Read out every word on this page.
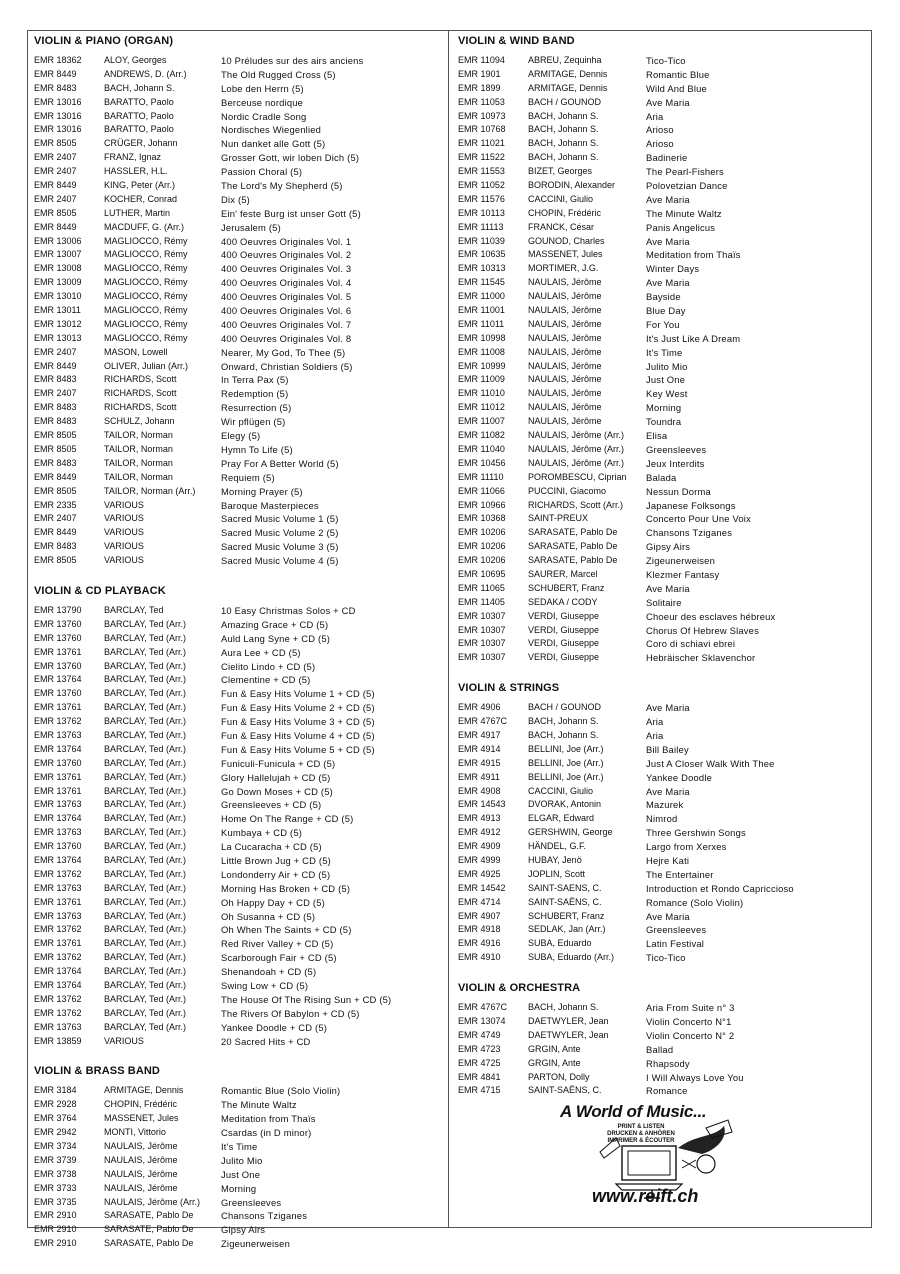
VIOLIN & PIANO (ORGAN)
EMR 18362	ALOY, Georges	10 Préludes sur des airs anciens
EMR 8449	ANDREWS, D. (Arr.)	The Old Rugged Cross (5)
EMR 8483	BACH, Johann S.	Lobe den Herrn (5)
EMR 13016	BARATTO, Paolo	Berceuse nordique
EMR 13016	BARATTO, Paolo	Nordic Cradle Song
EMR 13016	BARATTO, Paolo	Nordisches Wiegenlied
EMR 8505	CRÜGER, Johann	Nun danket alle Gott (5)
EMR 2407	FRANZ, Ignaz	Grosser Gott, wir loben Dich (5)
EMR 2407	HASSLER, H.L.	Passion Choral (5)
EMR 8449	KING, Peter (Arr.)	The Lord's My Shepherd (5)
EMR 2407	KOCHER, Conrad	Dix (5)
EMR 8505	LUTHER, Martin	Ein' feste Burg ist unser Gott (5)
EMR 8449	MACDUFF, G. (Arr.)	Jerusalem (5)
EMR 13006	MAGLIOCCO, Rémy	400 Oeuvres Originales Vol. 1
EMR 13007	MAGLIOCCO, Rémy	400 Oeuvres Originales Vol. 2
EMR 13008	MAGLIOCCO, Rémy	400 Oeuvres Originales Vol. 3
EMR 13009	MAGLIOCCO, Rémy	400 Oeuvres Originales Vol. 4
EMR 13010	MAGLIOCCO, Rémy	400 Oeuvres Originales Vol. 5
EMR 13011	MAGLIOCCO, Rémy	400 Oeuvres Originales Vol. 6
EMR 13012	MAGLIOCCO, Rémy	400 Oeuvres Originales Vol. 7
EMR 13013	MAGLIOCCO, Rémy	400 Oeuvres Originales Vol. 8
EMR 2407	MASON, Lowell	Nearer, My God, To Thee (5)
EMR 8449	OLIVER, Julian (Arr.)	Onward, Christian Soldiers (5)
EMR 8483	RICHARDS, Scott	In Terra Pax (5)
EMR 2407	RICHARDS, Scott	Redemption (5)
EMR 8483	RICHARDS, Scott	Resurrection (5)
EMR 8483	SCHULZ, Johann	Wir pflügen (5)
EMR 8505	TAILOR, Norman	Elegy (5)
EMR 8505	TAILOR, Norman	Hymn To Life (5)
EMR 8483	TAILOR, Norman	Pray For A Better World (5)
EMR 8449	TAILOR, Norman	Requiem (5)
EMR 8505	TAILOR, Norman (Arr.)	Morning Prayer (5)
EMR 2335	VARIOUS	Baroque Masterpieces
EMR 2407	VARIOUS	Sacred Music Volume 1 (5)
EMR 8449	VARIOUS	Sacred Music Volume 2 (5)
EMR 8483	VARIOUS	Sacred Music Volume 3 (5)
EMR 8505	VARIOUS	Sacred Music Volume 4 (5)
VIOLIN & CD PLAYBACK
EMR 13790	BARCLAY, Ted	10 Easy Christmas Solos + CD
EMR 13760	BARCLAY, Ted (Arr.)	Amazing Grace + CD (5)
EMR 13760	BARCLAY, Ted (Arr.)	Auld Lang Syne + CD (5)
EMR 13761	BARCLAY, Ted (Arr.)	Aura Lee + CD (5)
EMR 13760	BARCLAY, Ted (Arr.)	Cielito Lindo + CD (5)
EMR 13764	BARCLAY, Ted (Arr.)	Clementine + CD (5)
EMR 13760	BARCLAY, Ted (Arr.)	Fun & Easy Hits Volume 1 + CD (5)
EMR 13761	BARCLAY, Ted (Arr.)	Fun & Easy Hits Volume 2 + CD (5)
EMR 13762	BARCLAY, Ted (Arr.)	Fun & Easy Hits Volume 3 + CD (5)
EMR 13763	BARCLAY, Ted (Arr.)	Fun & Easy Hits Volume 4 + CD (5)
EMR 13764	BARCLAY, Ted (Arr.)	Fun & Easy Hits Volume 5 + CD (5)
EMR 13760	BARCLAY, Ted (Arr.)	Funiculi-Funicula + CD (5)
EMR 13761	BARCLAY, Ted (Arr.)	Glory Hallelujah + CD (5)
EMR 13761	BARCLAY, Ted (Arr.)	Go Down Moses + CD (5)
EMR 13763	BARCLAY, Ted (Arr.)	Greensleeves + CD (5)
EMR 13764	BARCLAY, Ted (Arr.)	Home On The Range + CD (5)
EMR 13763	BARCLAY, Ted (Arr.)	Kumbaya + CD (5)
EMR 13760	BARCLAY, Ted (Arr.)	La Cucaracha + CD (5)
EMR 13764	BARCLAY, Ted (Arr.)	Little Brown Jug + CD (5)
EMR 13762	BARCLAY, Ted (Arr.)	Londonderry Air + CD (5)
EMR 13763	BARCLAY, Ted (Arr.)	Morning Has Broken + CD (5)
EMR 13761	BARCLAY, Ted (Arr.)	Oh Happy Day + CD (5)
EMR 13763	BARCLAY, Ted (Arr.)	Oh Susanna + CD (5)
EMR 13762	BARCLAY, Ted (Arr.)	Oh When The Saints + CD (5)
EMR 13761	BARCLAY, Ted (Arr.)	Red River Valley + CD (5)
EMR 13762	BARCLAY, Ted (Arr.)	Scarborough Fair + CD (5)
EMR 13764	BARCLAY, Ted (Arr.)	Shenandoah + CD (5)
EMR 13764	BARCLAY, Ted (Arr.)	Swing Low + CD (5)
EMR 13762	BARCLAY, Ted (Arr.)	The House Of The Rising Sun + CD (5)
EMR 13762	BARCLAY, Ted (Arr.)	The Rivers Of Babylon + CD (5)
EMR 13763	BARCLAY, Ted (Arr.)	Yankee Doodle + CD (5)
EMR 13859	VARIOUS	20 Sacred Hits + CD
VIOLIN & BRASS BAND
EMR 3184	ARMITAGE, Dennis	Romantic Blue (Solo Violin)
EMR 2928	CHOPIN, Frédéric	The Minute Waltz
EMR 3764	MASSENET, Jules	Meditation from Thaïs
EMR 2942	MONTI, Vittorio	Csardas (in D minor)
EMR 3734	NAULAIS, Jérôme	It's Time
EMR 3739	NAULAIS, Jérôme	Julito Mio
EMR 3738	NAULAIS, Jérôme	Just One
EMR 3733	NAULAIS, Jérôme	Morning
EMR 3735	NAULAIS, Jérôme (Arr.)	Greensleeves
EMR 2910	SARASATE, Pablo De	Chansons Tziganes
EMR 2910	SARASATE, Pablo De	Gipsy Airs
EMR 2910	SARASATE, Pablo De	Zigeunerweisen
VIOLIN & WIND BAND
EMR 11094	ABREU, Zequinha	Tico-Tico
EMR 1901	ARMITAGE, Dennis	Romantic Blue
EMR 1899	ARMITAGE, Dennis	Wild And Blue
EMR 11053	BACH / GOUNOD	Ave Maria
EMR 10973	BACH, Johann S.	Aria
EMR 10768	BACH, Johann S.	Arioso
EMR 11021	BACH, Johann S.	Arioso
EMR 11522	BACH, Johann S.	Badinerie
EMR 11553	BIZET, Georges	The Pearl-Fishers
EMR 11052	BORODIN, Alexander	Polovetzian Dance
EMR 11576	CACCINI, Giulio	Ave Maria
EMR 10113	CHOPIN, Frédéric	The Minute Waltz
EMR 11113	FRANCK, César	Panis Angelicus
EMR 11039	GOUNOD, Charles	Ave Maria
EMR 10635	MASSENET, Jules	Meditation from Thaïs
EMR 10313	MORTIMER, J.G.	Winter Days
EMR 11545	NAULAIS, Jérôme	Ave Maria
EMR 11000	NAULAIS, Jérôme	Bayside
EMR 11001	NAULAIS, Jérôme	Blue Day
EMR 11011	NAULAIS, Jérôme	For You
EMR 10998	NAULAIS, Jérôme	It's Just Like A Dream
EMR 11008	NAULAIS, Jérôme	It's Time
EMR 10999	NAULAIS, Jérôme	Julito Mio
EMR 11009	NAULAIS, Jérôme	Just One
EMR 11010	NAULAIS, Jérôme	Key West
EMR 11012	NAULAIS, Jérôme	Morning
EMR 11007	NAULAIS, Jérôme	Toundra
EMR 11082	NAULAIS, Jérôme (Arr.)	Elisa
EMR 11040	NAULAIS, Jérôme (Arr.)	Greensleeves
EMR 10456	NAULAIS, Jérôme (Arr.)	Jeux Interdits
EMR 11110	POROMBESCU, Ciprian	Balada
EMR 11066	PUCCINI, Giacomo	Nessun Dorma
EMR 10966	RICHARDS, Scott (Arr.)	Japanese Folksongs
EMR 10368	SAINT-PREUX	Concerto Pour Une Voix
EMR 10206	SARASATE, Pablo De	Chansons Tziganes
EMR 10206	SARASATE, Pablo De	Gipsy Airs
EMR 10206	SARASATE, Pablo De	Zigeunerweisen
EMR 10695	SAURER, Marcel	Klezmer Fantasy
EMR 11065	SCHUBERT, Franz	Ave Maria
EMR 11405	SEDAKA / CODY	Solitaire
EMR 10307	VERDI, Giuseppe	Choeur des esclaves hébreux
EMR 10307	VERDI, Giuseppe	Chorus Of Hebrew Slaves
EMR 10307	VERDI, Giuseppe	Coro di schiavi ebrei
EMR 10307	VERDI, Giuseppe	Hebräischer Sklavenchor
VIOLIN & STRINGS
EMR 4906	BACH / GOUNOD	Ave Maria
EMR 4767C	BACH, Johann S.	Aria
EMR 4917	BACH, Johann S.	Aria
EMR 4914	BELLINI, Joe (Arr.)	Bill Bailey
EMR 4915	BELLINI, Joe (Arr.)	Just A Closer Walk With Thee
EMR 4911	BELLINI, Joe (Arr.)	Yankee Doodle
EMR 4908	CACCINI, Giulio	Ave Maria
EMR 14543	DVORAK, Antonin	Mazurek
EMR 4913	ELGAR, Edward	Nimrod
EMR 4912	GERSHWIN, George	Three Gershwin Songs
EMR 4909	HÄNDEL, G.F.	Largo from Xerxes
EMR 4999	HUBAY, Jenö	Hejre Kati
EMR 4925	JOPLIN, Scott	The Entertainer
EMR 14542	SAINT-SAENS, C.	Introduction et Rondo Capriccioso
EMR 4714	SAINT-SAËNS, C.	Romance (Solo Violin)
EMR 4907	SCHUBERT, Franz	Ave Maria
EMR 4918	SEDLAK, Jan (Arr.)	Greensleeves
EMR 4916	SUBA, Eduardo	Latin Festival
EMR 4910	SUBA, Eduardo (Arr.)	Tico-Tico
VIOLIN & ORCHESTRA
EMR 4767C	BACH, Johann S.	Aria From Suite n° 3
EMR 13074	DAETWYLER, Jean	Violin Concerto N°1
EMR 4749	DAETWYLER, Jean	Violin Concerto N° 2
EMR 4723	GRGIN, Ante	Ballad
EMR 4725	GRGIN, Ante	Rhapsody
EMR 4841	PARTON, Dolly	I Will Always Love You
EMR 4715	SAINT-SAËNS, C.	Romance
A World of Music...
PRINT & LISTEN
DRUCKEN & ANHÖREN
IMPRIMER & ÉCOUTER
www.reift.ch
